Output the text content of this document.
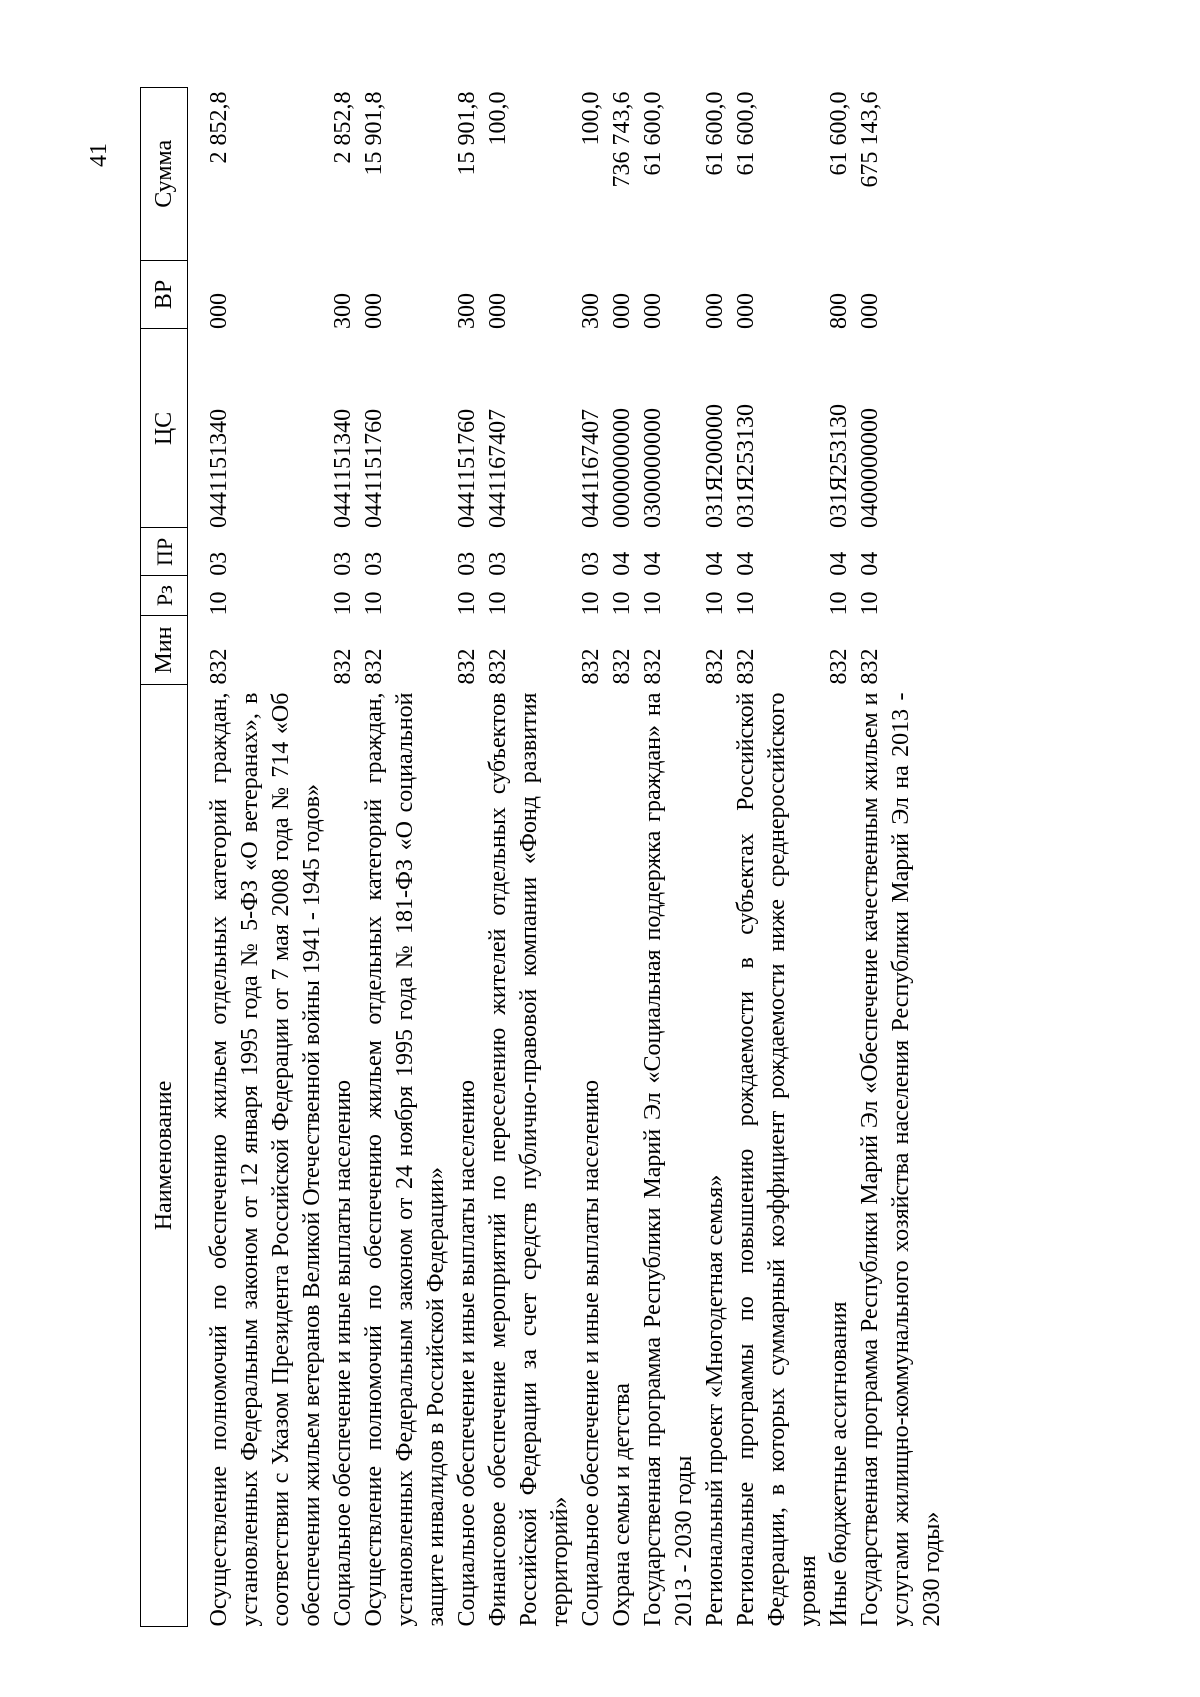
41
Наименование	Мин	Рз	ПР	ЦС	ВР	Сумма

Осуществление полномочий по обеспечению жильем отдельных категорий граждан, установленных Федеральным законом от 12 января 1995 года № 5-ФЗ «О ветеранах», в соответствии с Указом Президента Российской Федерации от 7 мая 2008 года № 714 «Об обеспечении жильем ветеранов Великой Отечественной войны 1941 - 1945 годов»	832	10	03	0441151340	000	2 852,8
Социальное обеспечение и иные выплаты населению	832	10	03	0441151340	300	2 852,8
Осуществление полномочий по обеспечению жильем отдельных категорий граждан, установленных Федеральным законом от 24 ноября 1995 года № 181-ФЗ «О социальной защите инвалидов в Российской Федерации»	832	10	03	0441151760	000	15 901,8
Социальное обеспечение и иные выплаты населению	832	10	03	0441151760	300	15 901,8
Финансовое обеспечение мероприятий по переселению жителей отдельных субъектов Российской Федерации за счет средств публично-правовой компании «Фонд развития территорий»	832	10	03	0441167407	000	100,0
Социальное обеспечение и иные выплаты населению	832	10	03	0441167407	300	100,0
Охрана семьи и детства	832	10	04	0000000000	000	736 743,6
Государственная программа Республики Марий Эл «Социальная поддержка граждан» на 2013 - 2030 годы	832	10	04	0300000000	000	61 600,0
Региональный проект «Многодетная семья»	832	10	04	031Я200000	000	61 600,0
Региональные программы по повышению рождаемости в субъектах Российской Федерации, в которых суммарный коэффициент рождаемости ниже среднероссийского уровня	832	10	04	031Я253130	000	61 600,0
Иные бюджетные ассигнования	832	10	04	031Я253130	800	61 600,0
Государственная программа Республики Марий Эл «Обеспечение качественным жильем и услугами жилищно-коммунального хозяйства населения Республики Марий Эл на 2013 - 2030 годы»	832	10	04	0400000000	000	675 143,6
